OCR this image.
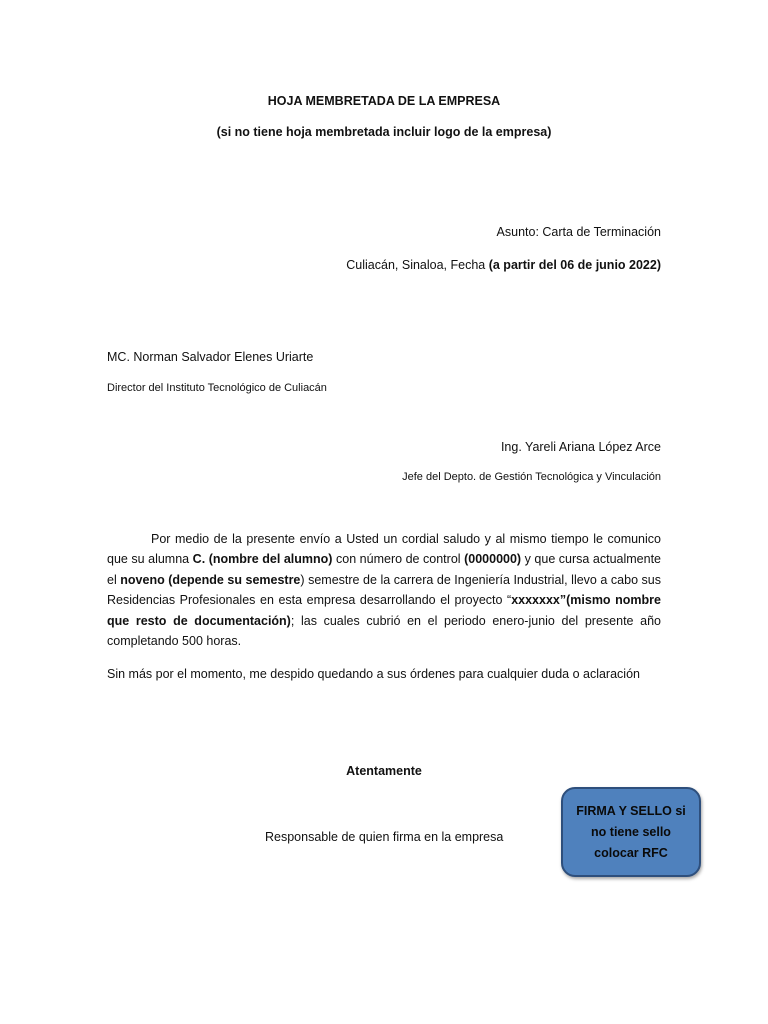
HOJA MEMBRETADA DE LA EMPRESA
(si no tiene hoja membretada incluir logo de la empresa)
Asunto: Carta de Terminación
Culiacán, Sinaloa, Fecha (a partir del 06 de junio 2022)
MC. Norman Salvador Elenes Uriarte
Director del Instituto Tecnológico de Culiacán
Ing. Yareli Ariana López Arce
Jefe del Depto. de Gestión Tecnológica y Vinculación
Por medio de la presente envío a Usted un cordial saludo y al mismo tiempo le comunico que su alumna C. (nombre del alumno) con número de control (0000000) y que cursa actualmente el noveno (depende su semestre) semestre de la carrera de Ingeniería Industrial, llevo a cabo sus Residencias Profesionales en esta empresa desarrollando el proyecto “xxxxxxx”(mismo nombre que resto de documentación); las cuales cubrió en el periodo enero-junio del presente año completando 500 horas.
Sin más por el momento, me despido quedando a sus órdenes para cualquier duda o aclaración
Atentamente
Responsable de quien firma en la empresa
FIRMA Y SELLO si no tiene sello colocar RFC
